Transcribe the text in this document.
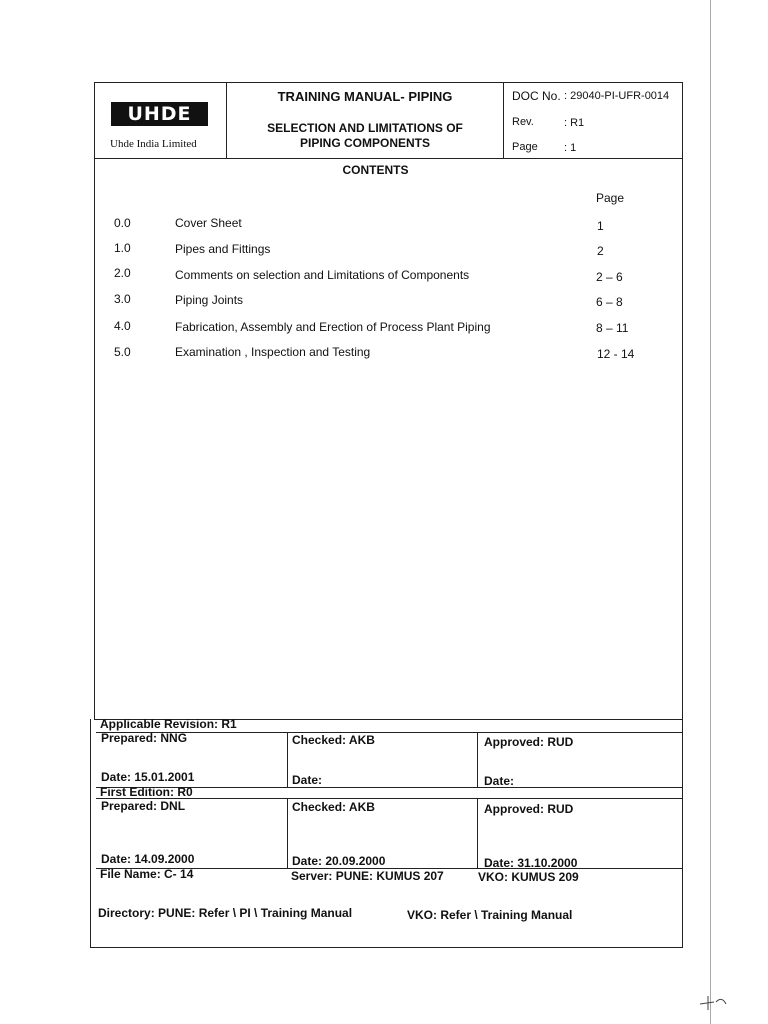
UHDE
Uhde India Limited
TRAINING MANUAL- PIPING
SELECTION AND LIMITATIONS OF
PIPING COMPONENTS
DOC No. : 29040-PI-UFR-0014
Rev.	: R1
Page : 1
CONTENTS
Page
0.0	Cover Sheet	1
1.0	Pipes and Fittings	2
2.0	Comments on selection and Limitations of Components	2 – 6
3.0	Piping Joints	6 – 8
4.0	Fabrication, Assembly and Erection of Process Plant Piping	8 – 11
5.0	Examination , Inspection and Testing	12 - 14
Applicable Revision: R1
Prepared: NNG	Checked: AKB	Approved: RUD
Date: 15.01.2001	Date:	Date:
First Edition: R0
Prepared: DNL	Checked: AKB	Approved: RUD
Date: 14.09.2000	Date: 20.09.2000	Date: 31.10.2000
File Name: C- 14	Server: PUNE: KUMUS 207	VKO: KUMUS 209
Directory: PUNE: Refer \ PI \ Training Manual	VKO: Refer \ Training Manual
